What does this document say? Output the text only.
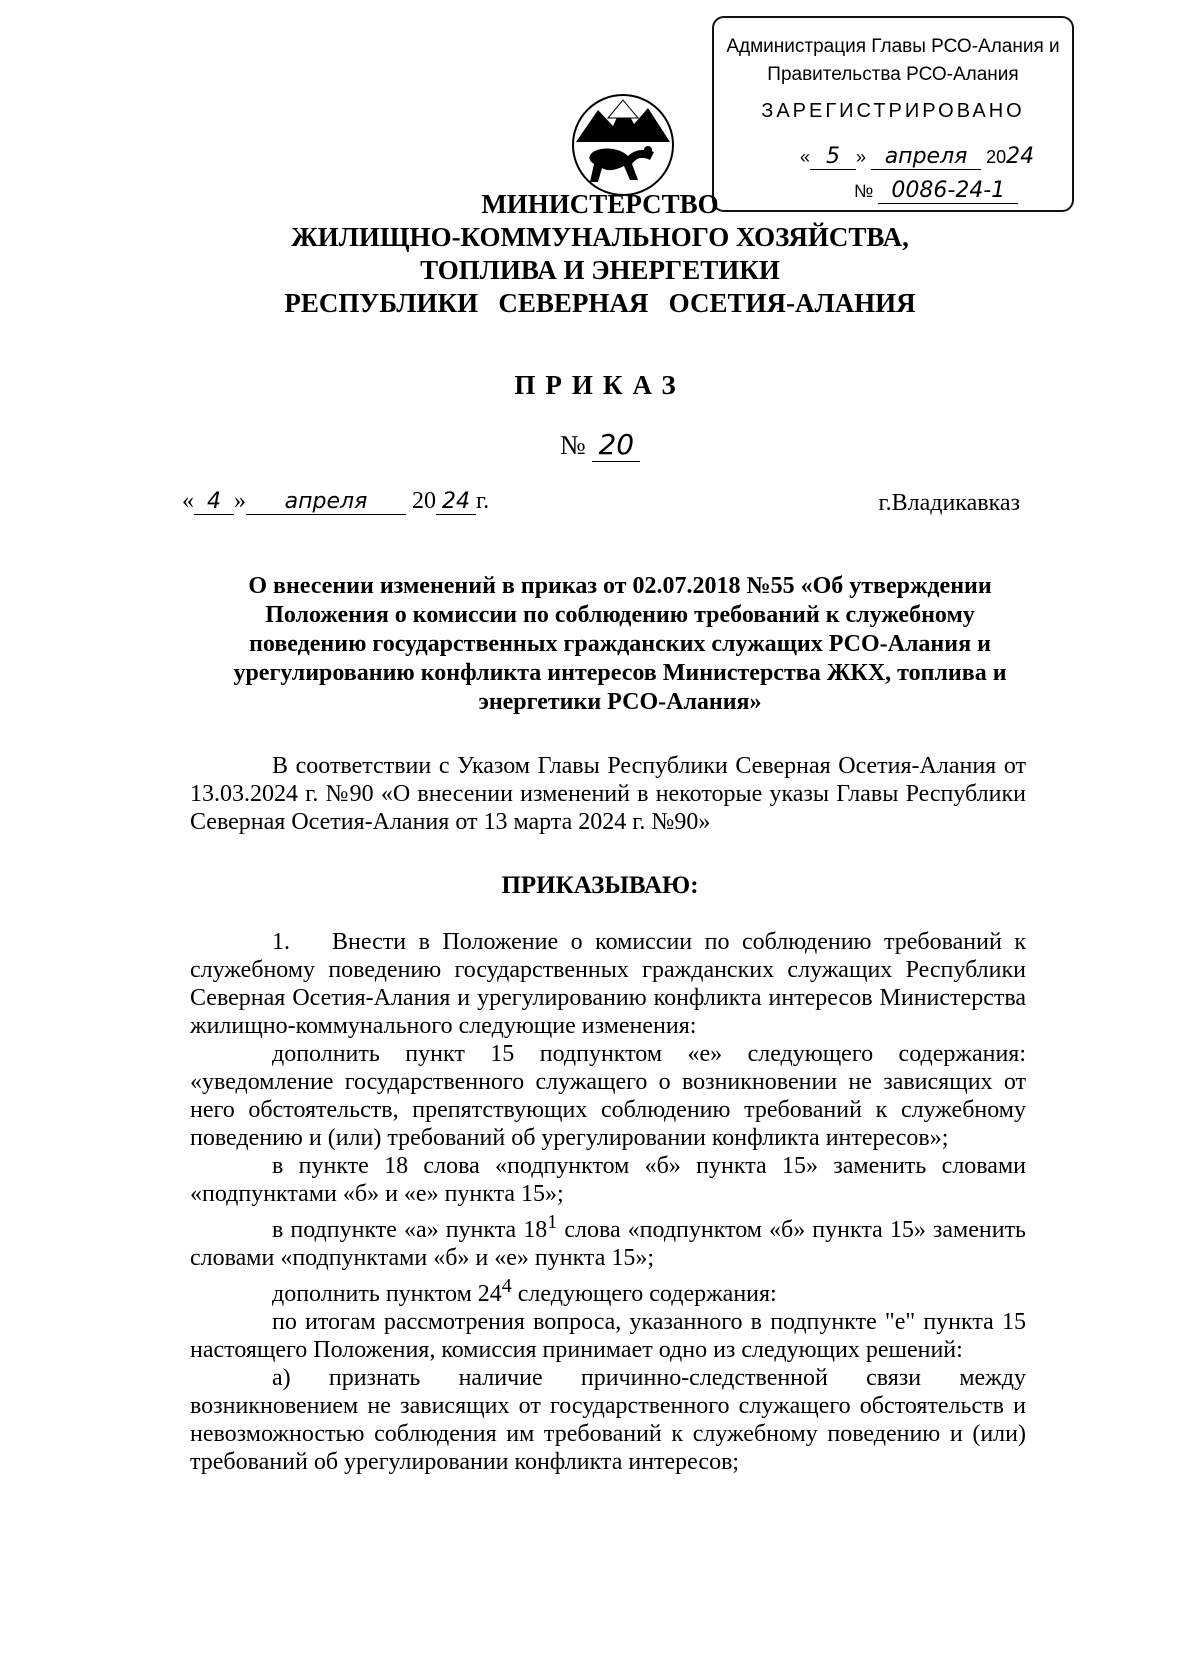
Администрация Главы РСО-Алания и
Правительства РСО-Алания
ЗАРЕГИСТРИРОВАНО
« 5 » апреля 2024
№ 0086-24-1
МИНИСТЕРСТВО
ЖИЛИЩНО-КОММУНАЛЬНОГО ХОЗЯЙСТВА,
ТОПЛИВА И ЭНЕРГЕТИКИ
РЕСПУБЛИКИ   СЕВЕРНАЯ   ОСЕТИЯ-АЛАНИЯ
ПРИКАЗ
№ 20
« 4 » апреля 20 24 г.	г.Владикавказ
О внесении изменений в приказ от 02.07.2018 №55 «Об утверждении Положения о комиссии по соблюдению требований к служебному поведению государственных гражданских служащих РСО-Алания и урегулированию конфликта интересов Министерства ЖКХ, топлива и энергетики РСО-Алания»
В соответствии с Указом Главы Республики Северная Осетия-Алания от 13.03.2024 г. №90 «О внесении изменений в некоторые указы Главы Республики Северная Осетия-Алания от 13 марта 2024 г. №90»
ПРИКАЗЫВАЮ:

1. Внести в Положение о комиссии по соблюдению требований к служебному поведению государственных гражданских служащих Республики Северная Осетия-Алания и урегулированию конфликта интересов Министерства жилищно-коммунального следующие изменения:

дополнить пункт 15 подпунктом «е» следующего содержания: «уведомление государственного служащего о возникновении не зависящих от него обстоятельств, препятствующих соблюдению требований к служебному поведению и (или) требований об урегулировании конфликта интересов»;

в пункте 18 слова «подпунктом «б» пункта 15» заменить словами «подпунктами «б» и «е» пункта 15»;

в подпункте «а» пункта $18^1$ слова «подпунктом «б» пункта 15» заменить словами «подпунктами «б» и «е» пункта 15»;

дополнить пунктом $24^4$ следующего содержания:

по итогам рассмотрения вопроса, указанного в подпункте "е" пункта 15 настоящего Положения, комиссия принимает одно из следующих решений:

а) признать наличие причинно-следственной связи между возникновением не зависящих от государственного служащего обстоятельств и невозможностью соблюдения им требований к служебному поведению и (или) требований об урегулировании конфликта интересов;
